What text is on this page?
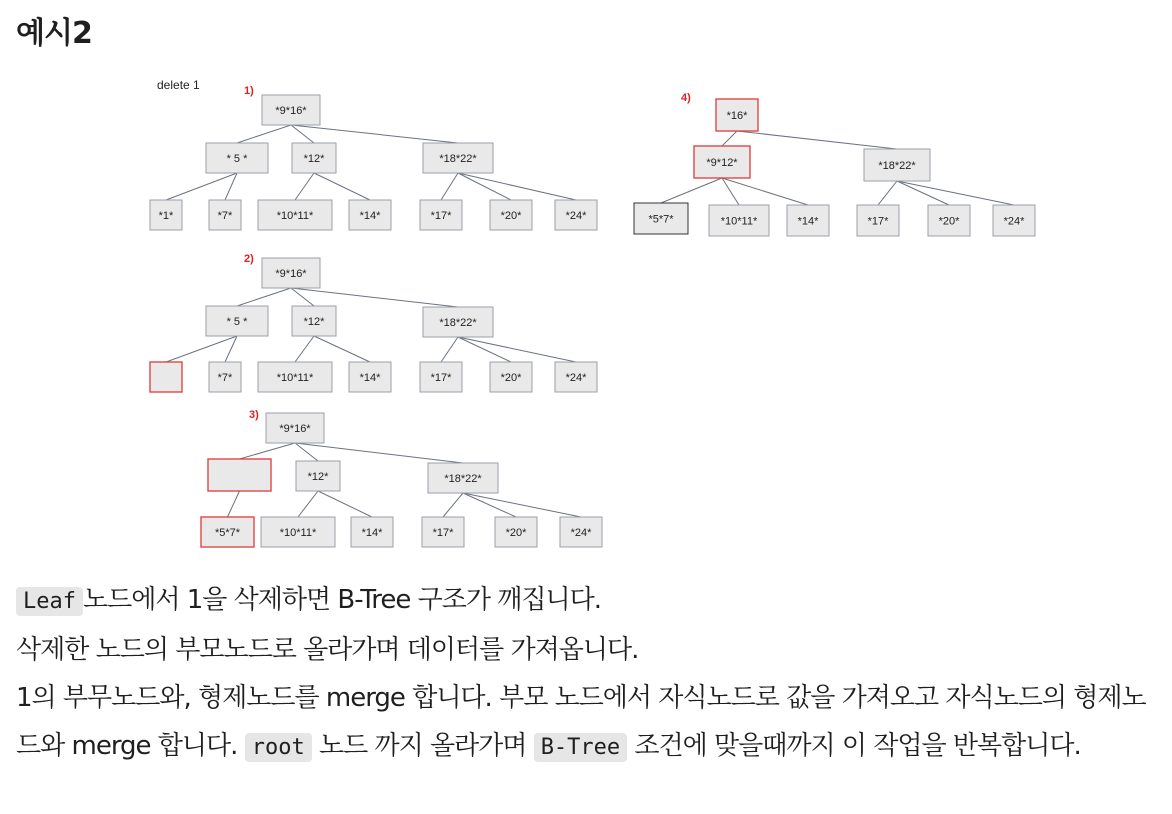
예시2
delete 1	1)
*9*16*
* 5 *	*12*	*18*22*
*1*	*7*	*10*11*	*14*	*17*	*20*	*24*
2)
*9*16*
* 5 *	*12*	*18*22*
*7*	*10*11*	*14*	*17*	*20*	*24*
3)
*9*16*
*12*	*18*22*
*5*7*	*10*11*	*14*	*17*	*20*	*24*
4)
*16*
*9*12*	*18*22*
*5*7*	*10*11*	*14*	*17*	*20*	*24*

Leaf 노드에서 1을 삭제하면 B-Tree 구조가 깨집니다.

삭제한 노드의 부모노드로 올라가며 데이터를 가져옵니다.

1의 부무노드와, 형제노드를 merge 합니다. 부모 노드에서 자식노드로 값을 가져오고 자식노드의 형제노드와 merge 합니다. root 노드 까지 올라가며 B-Tree 조건에 맞을때까지 이 작업을 반복합니다.
